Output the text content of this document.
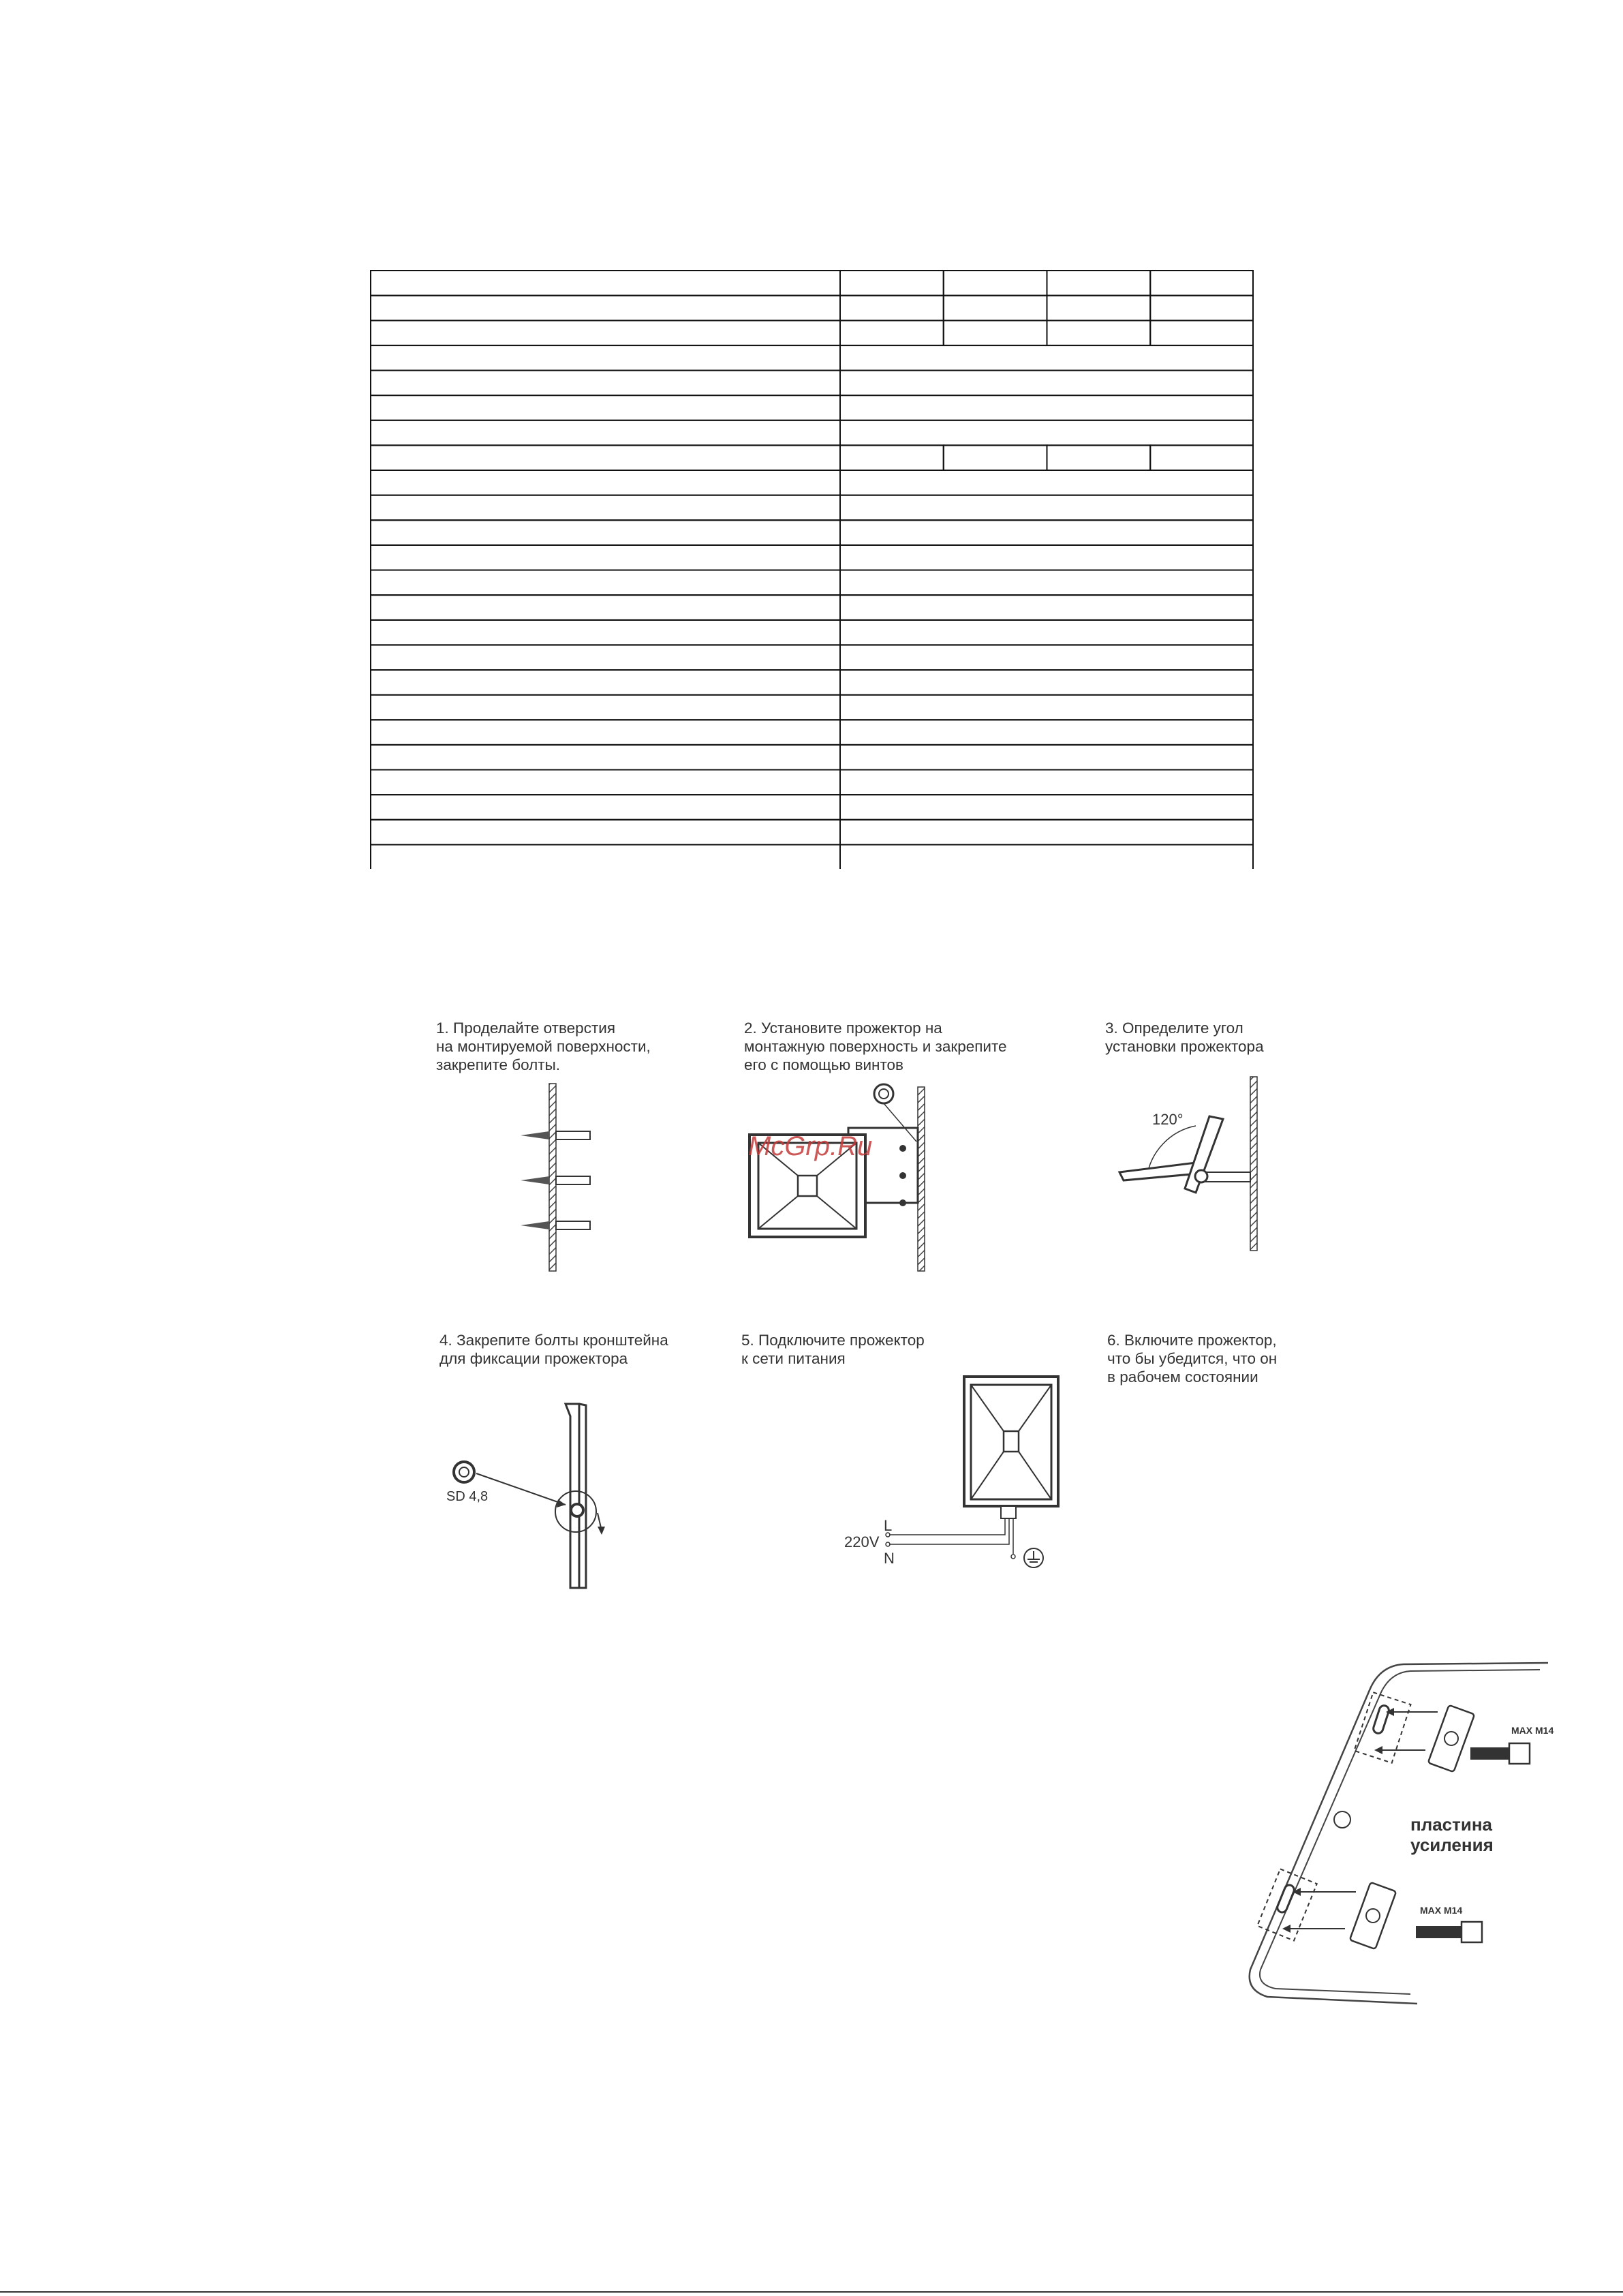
1. Проделайте отверстия
на монтируемой поверхности,
закрепите болты.
2. Установите прожектор на
монтажную поверхность и закрепите
его с помощью винтов
3. Определите угол
установки прожектора
4. Закрепите болты кронштейна
для фиксации прожектора
5. Подключите прожектор
к сети питания
6. Включите прожектор,
что бы убедится, что он
в рабочем состоянии
120°
SD 4,8
L
220V
N
MAX M14
MAX M14
пластина
усиления
McGrp.Ru
